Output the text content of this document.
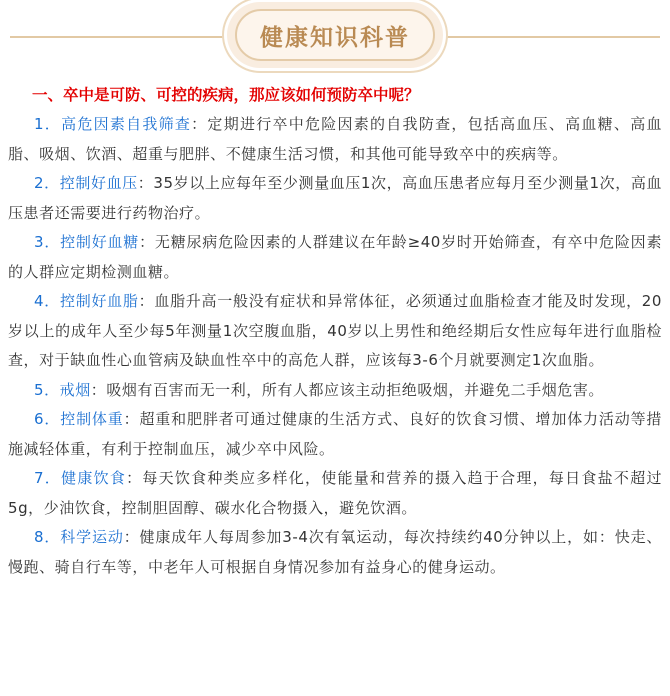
健康知识科普

一、卒中是可防、可控的疾病，那应该如何预防卒中呢？

1．高危因素自我筛查：定期进行卒中危险因素的自我防查，包括高血压、高血糖、高血脂、吸烟、饮酒、超重与肥胖、不健康生活习惯，和其他可能导致卒中的疾病等。

2．控制好血压：35岁以上应每年至少测量血压1次，高血压患者应每月至少测量1次，高血压患者还需要进行药物治疗。

3．控制好血糖：无糖尿病危险因素的人群建议在年龄≥40岁时开始筛查，有卒中危险因素的人群应定期检测血糖。

4．控制好血脂：血脂升高一般没有症状和异常体征，必须通过血脂检查才能及时发现，20岁以上的成年人至少每5年测量1次空腹血脂，40岁以上男性和绝经期后女性应每年进行血脂检查，对于缺血性心血管病及缺血性卒中的高危人群，应该每3-6个月就要测定1次血脂。

5．戒烟：吸烟有百害而无一利，所有人都应该主动拒绝吸烟，并避免二手烟危害。

6．控制体重：超重和肥胖者可通过健康的生活方式、良好的饮食习惯、增加体力活动等措施减轻体重，有利于控制血压，减少卒中风险。

7．健康饮食：每天饮食种类应多样化，使能量和营养的摄入趋于合理，每日食盐不超过5g，少油饮食，控制胆固醇、碳水化合物摄入，避免饮酒。

8．科学运动：健康成年人每周参加3-4次有氧运动，每次持续约40分钟以上，如：快走、慢跑、骑自行车等，中老年人可根据自身情况参加有益身心的健身运动。
